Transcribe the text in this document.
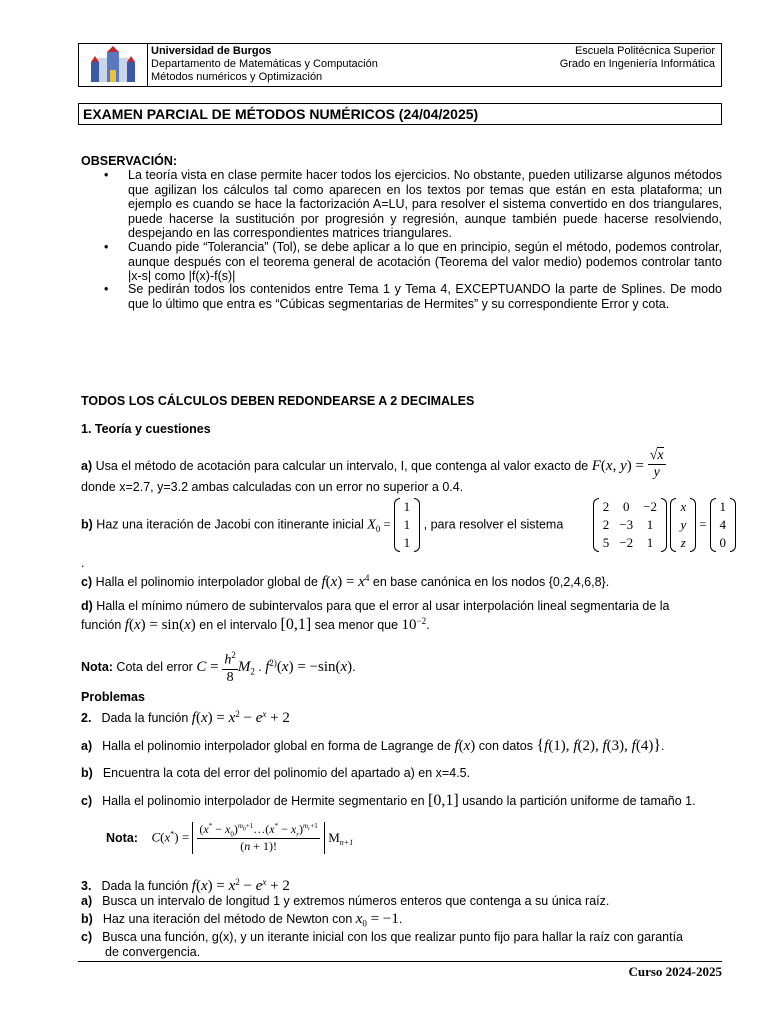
Universidad de Burgos
Departamento de Matemáticas y Computación
Métodos numéricos y Optimización
Escuela Politécnica Superior
Grado en Ingeniería Informática
EXAMEN PARCIAL DE MÉTODOS NUMÉRICOS (24/04/2025)
OBSERVACIÓN:
• La teoría vista en clase permite hacer todos los ejercicios. No obstante, pueden utilizarse algunos métodos que agilizan los cálculos tal como aparecen en los textos por temas que están en esta plataforma; un ejemplo es cuando se hace la factorización A=LU, para resolver el sistema convertido en dos triangulares, puede hacerse la sustitución por progresión y regresión, aunque también puede hacerse resolviendo, despejando en las correspondientes matrices triangulares.
• Cuando pide “Tolerancia” (Tol), se debe aplicar a lo que en principio, según el método, podemos controlar, aunque después con el teorema general de acotación (Teorema del valor medio) podemos controlar tanto |x-s| como |f(x)-f(s)|
• Se pedirán todos los contenidos entre Tema 1 y Tema 4, EXCEPTUANDO la parte de Splines. De modo que lo último que entra es “Cúbicas segmentarias de Hermites” y su correspondiente Error y cota.
TODOS LOS CÁLCULOS DEBEN REDONDEARSE A 2 DECIMALES
1. Teoría y cuestiones
a) Usa el método de acotación para calcular un intervalo, I, que contenga al valor exacto de F(x, $y) = \frac{√x}{y}$
donde x=2.7, y=3.2 ambas calculadas con un error no superior a 0.4.
b) Haz una iteración de Jacobi con itinerante inicial $X_0$ =
1
1
1
, para resolver el sistema
2	0	−2
2	−3	1
5	−2	1

x
y
z
=
1
4
0
.
c) Halla el polinomio interpolador global de $f(x) = x^4$ en base canónica en los nodos {0,2,4,6,8}.
d) Halla el mínimo número de subintervalos para que el error al usar interpolación lineal segmentaria de la
función f(x) = sin(x) en el intervalo [0,1] sea menor que $10^{-2}$.
Nota: Cota del error $C = \frac{h^2}{8} M_2$ . $f^{2)}(x) = -\sin(x)$.
Problemas
2. Dada la función $f(x) = x^2 - e^x + 2$
a) Halla el polinomio interpolador global en forma de Lagrange de f(x) con datos {f(1), f(2), f(3), f(4)}.
b) Encuentra la cota del error del polinomio del apartado a) en x=4.5.
c) Halla el polinomio interpolador de Hermite segmentario en [0,1] usando la partición uniforme de tamaño 1.
Nota: $C(x^*) = \frac{(x^* - x_0)^{m_0+1}\dots(x^* - x_r)^{m_r+1}}{(n + 1)!} M_{n+1}$
3. Dada la función $f(x) = x^2 - e^x + 2$
a) Busca un intervalo de longitud 1 y extremos números enteros que contenga a su única raíz.
b) Haz una iteración del método de Newton con $x_0 = -1$.
c) Busca una función, g(x), y un iterante inicial con los que realizar punto fijo para hallar la raíz con garantía
de convergencia.
Curso 2024-2025
